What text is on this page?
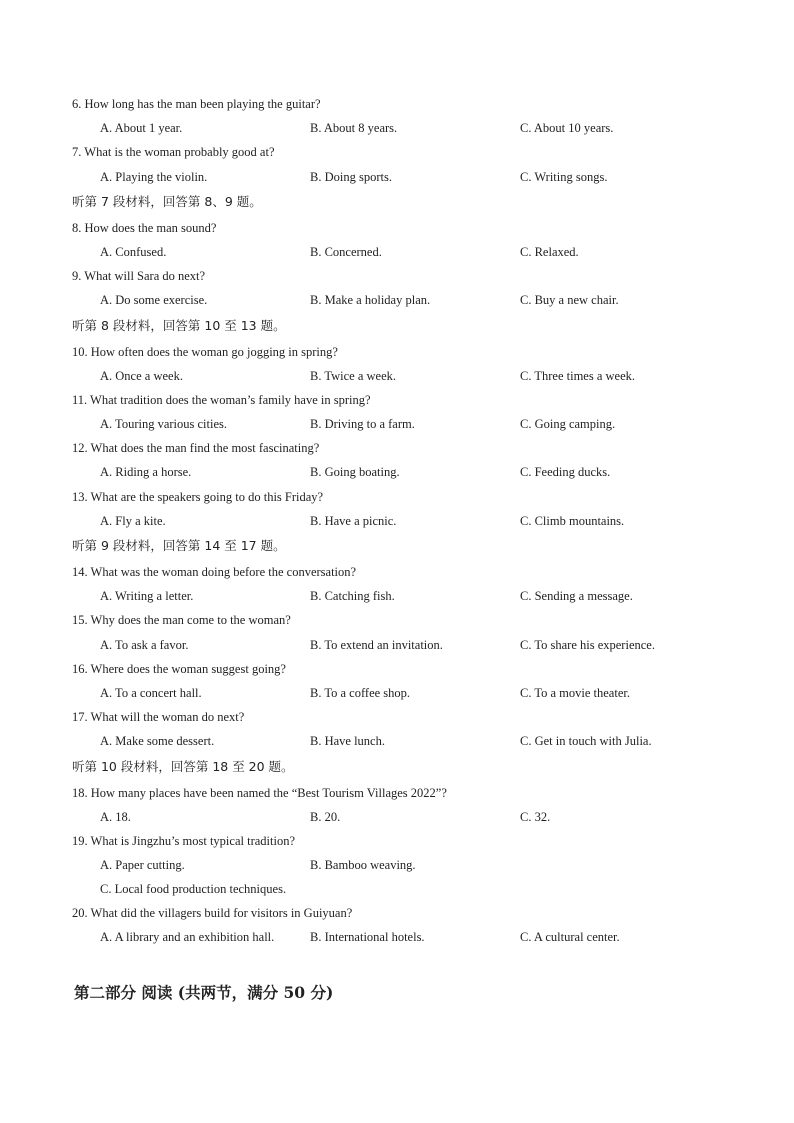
6. How long has the man been playing the guitar?
A. About 1 year.	B. About 8 years.	C. About 10 years.
7. What is the woman probably good at?
A. Playing the violin.	B. Doing sports.	C. Writing songs.
听第 7 段材料，回答第 8、9 题。
8. How does the man sound?
A. Confused.	B. Concerned.	C. Relaxed.
9. What will Sara do next?
A. Do some exercise.	B. Make a holiday plan.	C. Buy a new chair.
听第 8 段材料，回答第 10 至 13 题。
10. How often does the woman go jogging in spring?
A. Once a week.	B. Twice a week.	C. Three times a week.
11. What tradition does the woman’s family have in spring?
A. Touring various cities.	B. Driving to a farm.	C. Going camping.
12. What does the man find the most fascinating?
A. Riding a horse.	B. Going boating.	C. Feeding ducks.
13. What are the speakers going to do this Friday?
A. Fly a kite.	B. Have a picnic.	C. Climb mountains.
听第 9 段材料，回答第 14 至 17 题。
14. What was the woman doing before the conversation?
A. Writing a letter.	B. Catching fish.	C. Sending a message.
15. Why does the man come to the woman?
A. To ask a favor.	B. To extend an invitation.	C. To share his experience.
16. Where does the woman suggest going?
A. To a concert hall.	B. To a coffee shop.	C. To a movie theater.
17. What will the woman do next?
A. Make some dessert.	B. Have lunch.	C. Get in touch with Julia.
听第 10 段材料，回答第 18 至 20 题。
18. How many places have been named the “Best Tourism Villages 2022”?
A. 18.	B. 20.	C. 32.
19. What is Jingzhu’s most typical tradition?
A. Paper cutting.	B. Bamboo weaving.
C. Local food production techniques.
20. What did the villagers build for visitors in Guiyuan?
A. A library and an exhibition hall.	B. International hotels.	C. A cultural center.
第二部分 阅读 (共两节，满分 50 分)
